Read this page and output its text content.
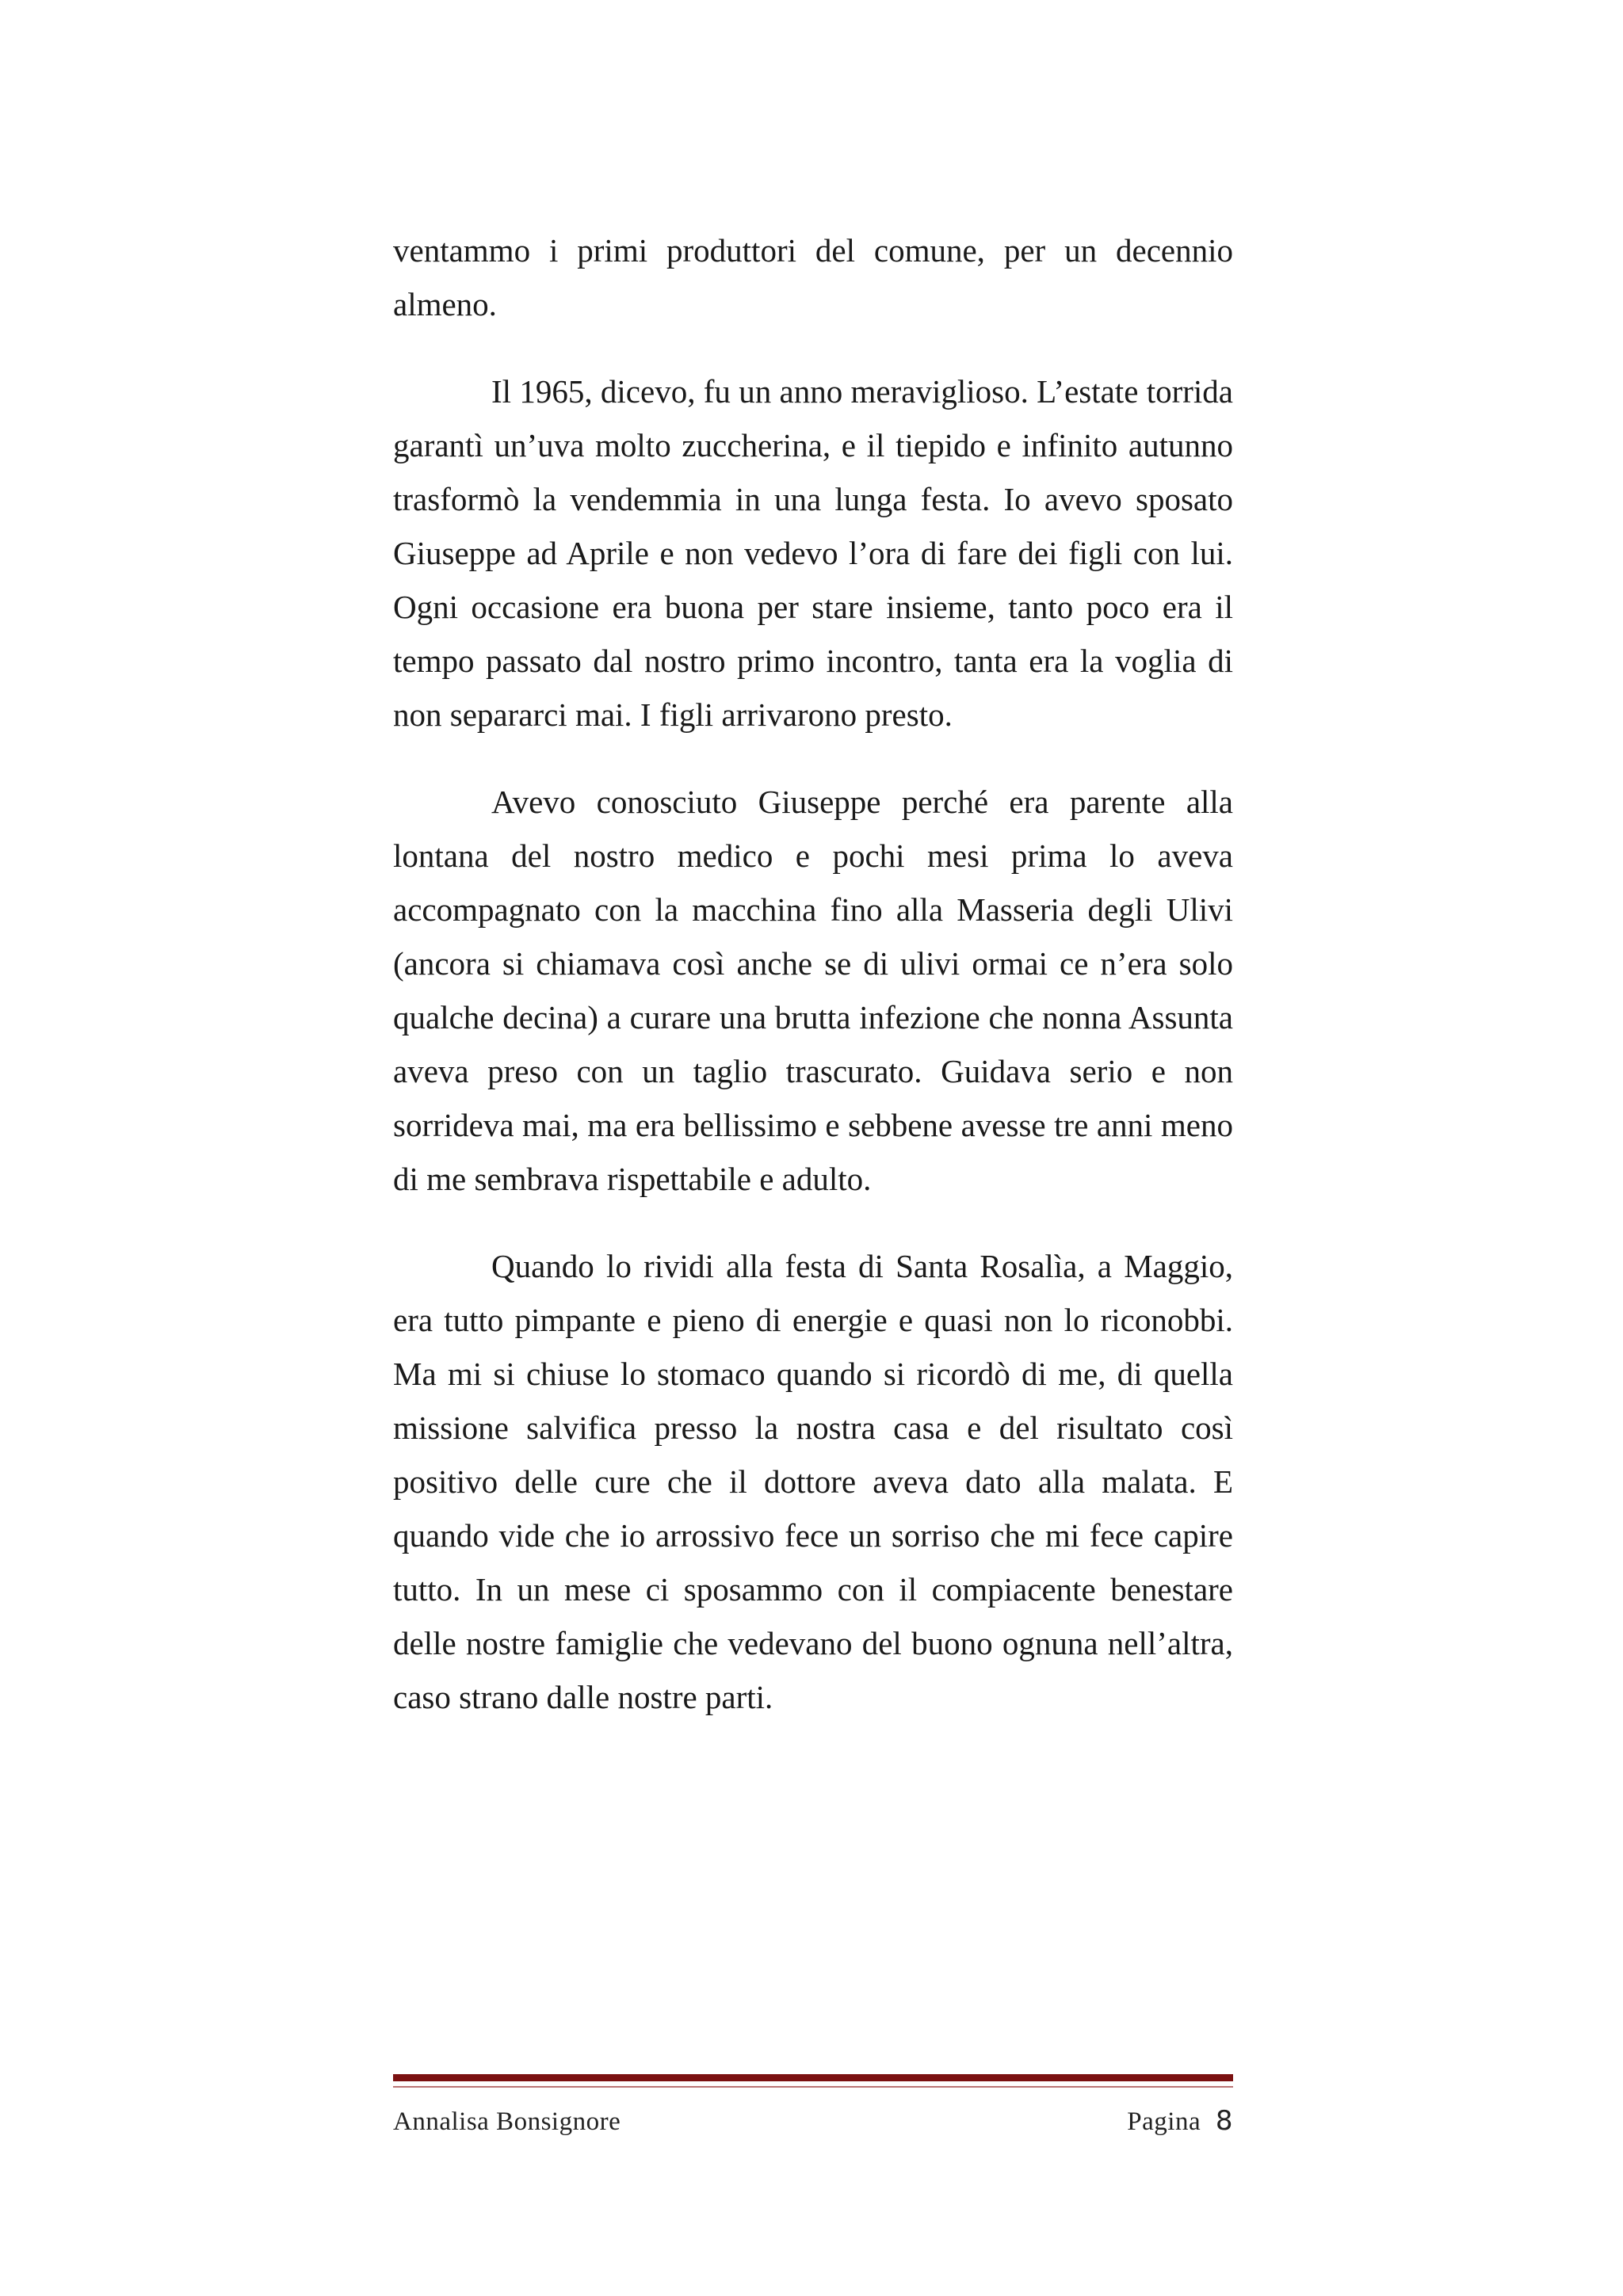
ventammo i primi produttori del comune, per un decennio almeno.

Il 1965, dicevo, fu un anno meraviglioso. L’estate torrida garantì un’uva molto zuccherina, e il tiepido e infinito autunno trasformò la vendemmia in una lunga festa. Io avevo sposato Giuseppe ad Aprile e non vedevo l’ora di fare dei figli con lui. Ogni occasione era buona per stare insieme, tanto poco era il tempo passato dal nostro primo incontro, tanta era la voglia di non separarci mai. I figli arrivarono presto.

Avevo conosciuto Giuseppe perché era parente alla lontana del nostro medico e pochi mesi prima lo aveva accompagnato con la macchina fino alla Masseria degli Ulivi (ancora si chiamava così anche se di ulivi ormai ce n’era solo qualche decina) a curare una brutta infezione che nonna Assunta aveva preso con un taglio trascurato. Guidava serio e non sorrideva mai, ma era bellissimo e sebbene avesse tre anni meno di me sembrava rispettabile e adulto.

Quando lo rividi alla festa di Santa Rosalìa, a Maggio, era tutto pimpante e pieno di energie e quasi non lo riconobbi. Ma mi si chiuse lo stomaco quando si ricordò di me, di quella missione salvifica presso la nostra casa e del risultato così positivo delle cure che il dottore aveva dato alla malata. E quando vide che io arrossivo fece un sorriso che mi fece capire tutto. In un mese ci sposammo con il compiacente benestare delle nostre famiglie che vedevano del buono ognuna nell’altra, caso strano dalle nostre parti.

Annalisa Bonsignore	Pagina 8
